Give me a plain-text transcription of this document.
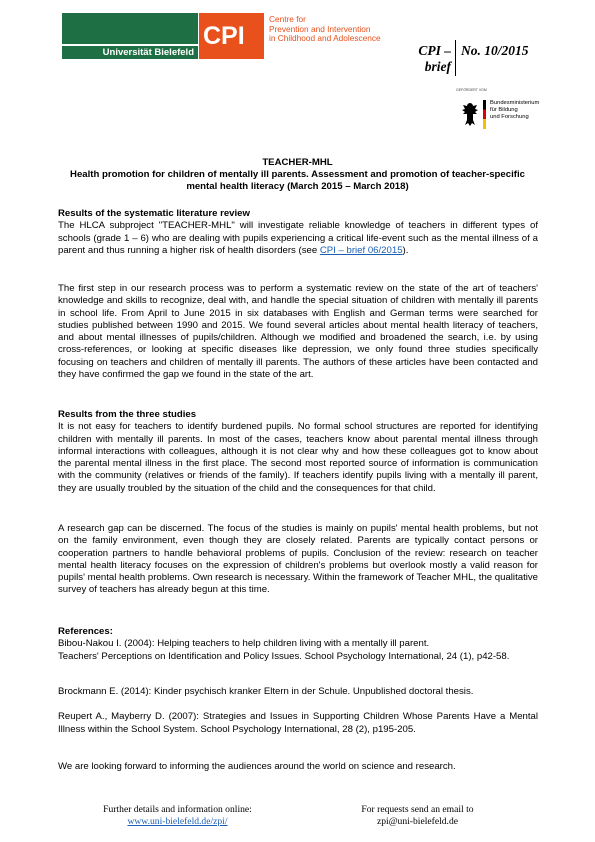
Universität Bielefeld
CPI
Centre for
Prevention and Intervention
in Childhood and Adolescence
CPI –
brief
No. 10/2015
GEFÖRDERT VOM
Bundesministerium
für Bildung
und Forschung
TEACHER-MHL
Health promotion for children of mentally ill parents. Assessment and promotion of teacher-specific mental health literacy (March 2015 – March 2018)
Results of the systematic literature review

The HLCA subproject "TEACHER-MHL" will investigate reliable knowledge of teachers in different types of schools (grade 1 – 6) who are dealing with pupils experiencing a critical life-event such as the mental illness of a parent and thus running a higher risk of health disorders (see CPI – brief 06/2015).

The first step in our research process was to perform a systematic review on the state of the art of teachers' knowledge and skills to recognize, deal with, and handle the special situation of children with mentally ill parents in school life. From April to June 2015 in six databases with English and German terms were searched for studies published between 1990 and 2015. We found several articles about mental health literacy of teachers, and about mental illnesses of pupils/children. Although we modified and broadened the search, i.e. by using cross-references, or looking at specific diseases like depression, we only found three studies specifically focusing on teachers and children of mentally ill parents. The authors of these articles have been contacted and they have confirmed the gap we found in the state of the art.

Results from the three studies

It is not easy for teachers to identify burdened pupils. No formal school structures are reported for identifying children with mentally ill parents. In most of the cases, teachers know about parental mental illness through informal interactions with colleagues, although it is not clear why and how these colleagues got to know about the parental mental illness in the first place. The second most reported source of information is communication with the community (relatives or friends of the family). If teachers identify pupils living with a mentally ill parent, they are usually troubled by the situation of the child and the consequences for that child.

A research gap can be discerned. The focus of the studies is mainly on pupils' mental health problems, but not on the family environment, even though they are closely related. Parents are typically contact persons or cooperation partners to handle behavioral problems of pupils. Conclusion of the review: research on teacher mental health literacy focuses on the expression of children's problems but overlook mostly a valid reason for pupils' mental health problems. Own research is necessary. Within the framework of Teacher MHL, the qualitative survey of teachers has already begun at this time.

References:
Bibou-Nakou I. (2004): Helping teachers to help children living with a mentally ill parent.
Teachers' Perceptions on Identification and Policy Issues. School Psychology International, 24 (1), p42-58.
Brockmann E. (2014): Kinder psychisch kranker Eltern in der Schule. Unpublished doctoral thesis.
Reupert A., Mayberry D. (2007): Strategies and Issues in Supporting Children Whose Parents Have a Mental Illness within the School System. School Psychology International, 28 (2), p195-205.
We are looking forward to informing the audiences around the world on science and research.
Further details and information online:
www.uni-bielefeld.de/zpi/
For requests send an email to
zpi@uni-bielefeld.de
